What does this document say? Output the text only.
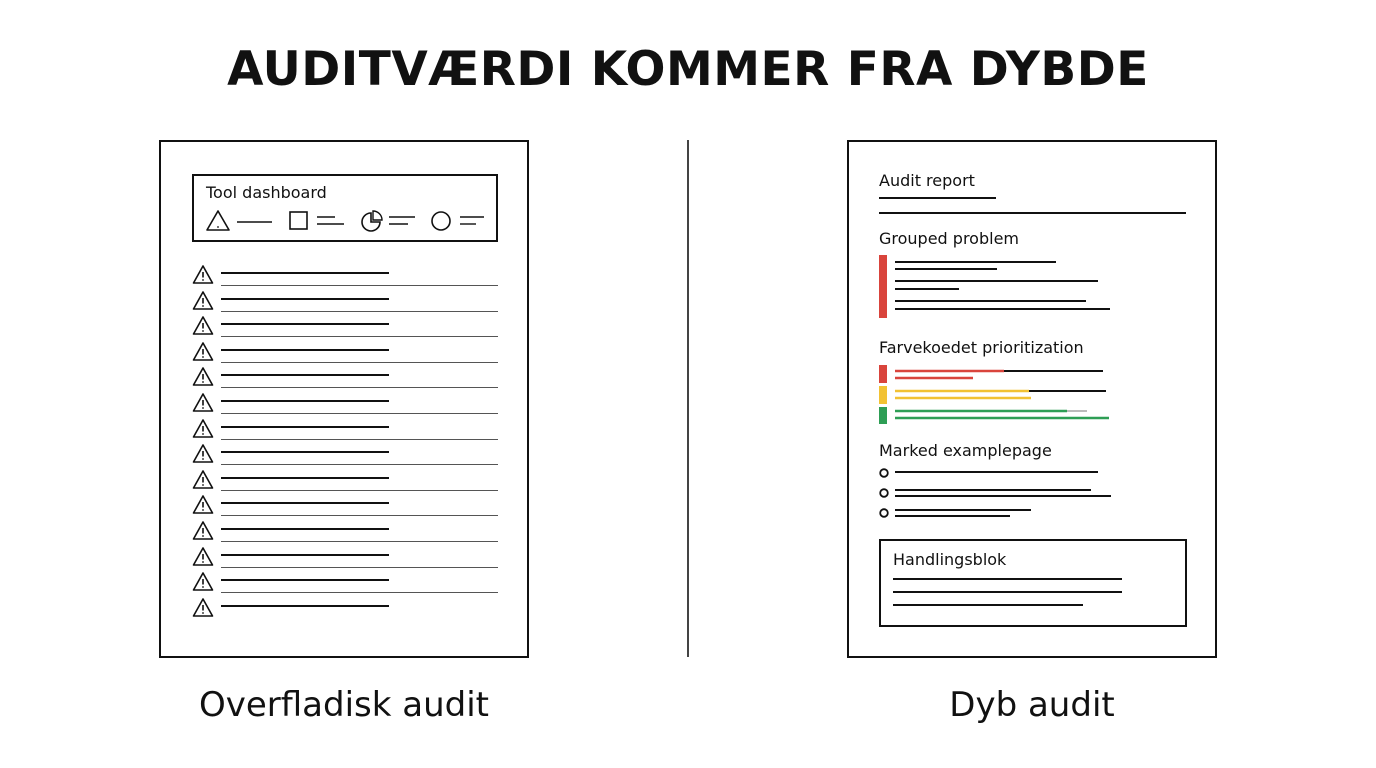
AUDITVÆRDI KOMMER FRA DYBDE
Tool dashboard
Audit report
Grouped problem
Farvekoedet prioritization
Marked examplepage
Handlingsblok
Overfladisk audit	Dyb audit
